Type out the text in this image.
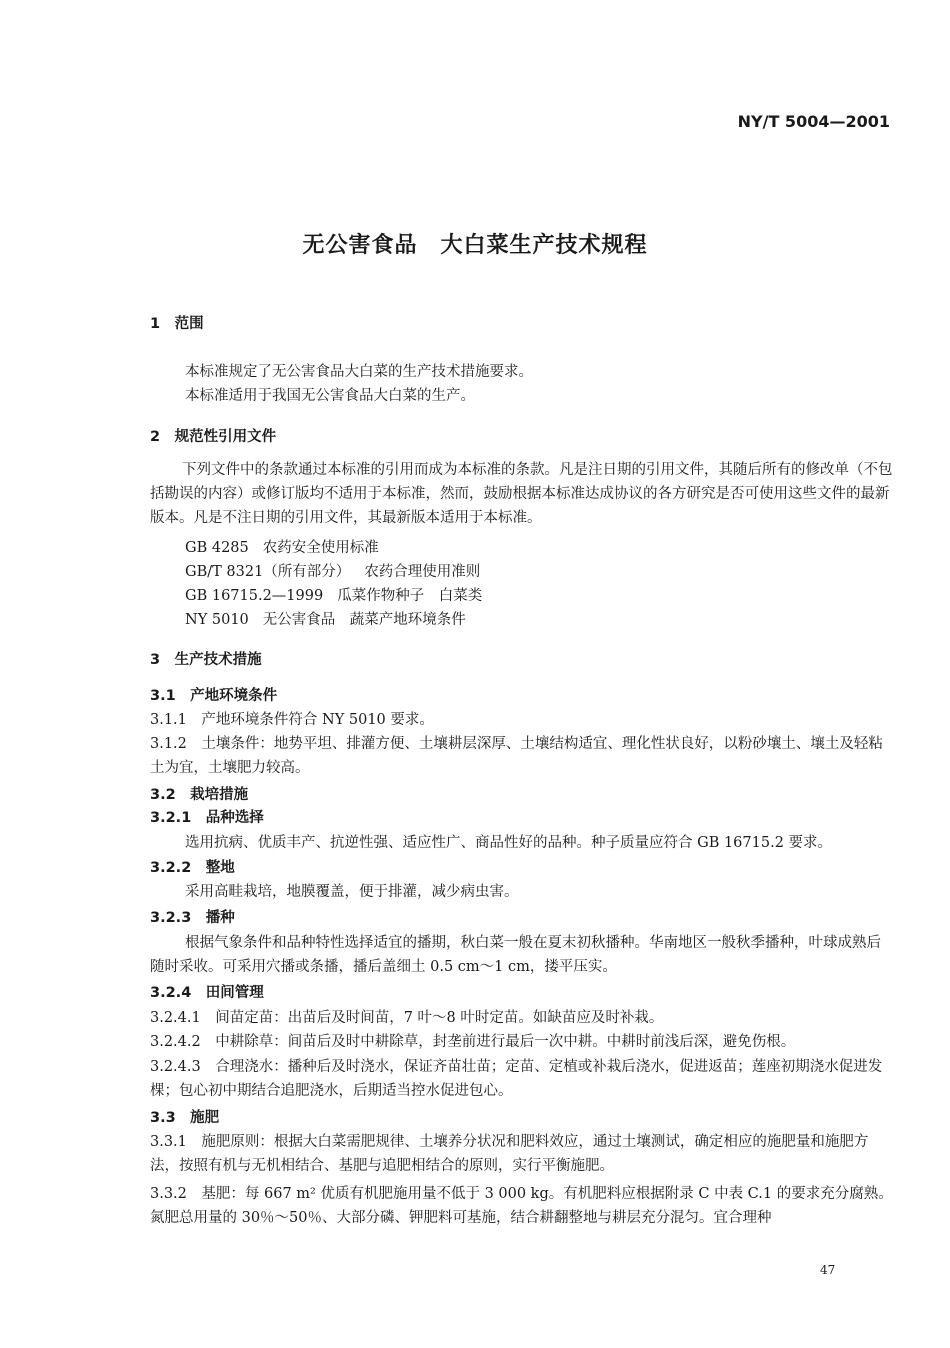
NY/T 5004—2001
无公害食品　大白菜生产技术规程
1　范围
本标准规定了无公害食品大白菜的生产技术措施要求。
本标准适用于我国无公害食品大白菜的生产。
2　规范性引用文件
下列文件中的条款通过本标准的引用而成为本标准的条款。凡是注日期的引用文件，其随后所有的修改单（不包括勘误的内容）或修订版均不适用于本标准，然而，鼓励根据本标准达成协议的各方研究是否可使用这些文件的最新版本。凡是不注日期的引用文件，其最新版本适用于本标准。
GB 4285 农药安全使用标准
GB/T 8321（所有部分） 农药合理使用准则
GB 16715.2—1999 瓜菜作物种子　白菜类
NY 5010 无公害食品　蔬菜产地环境条件
3　生产技术措施
3.1　产地环境条件
3.1.1　产地环境条件符合 NY 5010 要求。
3.1.2　土壤条件：地势平坦、排灌方便、土壤耕层深厚、土壤结构适宜、理化性状良好，以粉砂壤土、壤土及轻粘土为宜，土壤肥力较高。
3.2　栽培措施
3.2.1　品种选择
选用抗病、优质丰产、抗逆性强、适应性广、商品性好的品种。种子质量应符合 GB 16715.2 要求。
3.2.2　整地
采用高畦栽培，地膜覆盖，便于排灌，减少病虫害。
3.2.3　播种
根据气象条件和品种特性选择适宜的播期，秋白菜一般在夏末初秋播种。华南地区一般秋季播种，叶球成熟后随时采收。可采用穴播或条播，播后盖细土 0.5 cm～1 cm，搂平压实。
3.2.4　田间管理
3.2.4.1　间苗定苗：出苗后及时间苗，7 叶～8 叶时定苗。如缺苗应及时补栽。
3.2.4.2　中耕除草：间苗后及时中耕除草，封垄前进行最后一次中耕。中耕时前浅后深，避免伤根。
3.2.4.3　合理浇水：播种后及时浇水，保证齐苗壮苗；定苗、定植或补栽后浇水，促进返苗；莲座初期浇水促进发棵；包心初中期结合追肥浇水，后期适当控水促进包心。
3.3　施肥
3.3.1　施肥原则：根据大白菜需肥规律、土壤养分状况和肥料效应，通过土壤测试，确定相应的施肥量和施肥方法，按照有机与无机相结合、基肥与追肥相结合的原则，实行平衡施肥。
3.3.2　基肥：每 667 m² 优质有机肥施用量不低于 3 000 kg。有机肥料应根据附录 C 中表 C.1 的要求充分腐熟。氮肥总用量的 30％～50％、大部分磷、钾肥料可基施，结合耕翻整地与耕层充分混匀。宜合理种
47
